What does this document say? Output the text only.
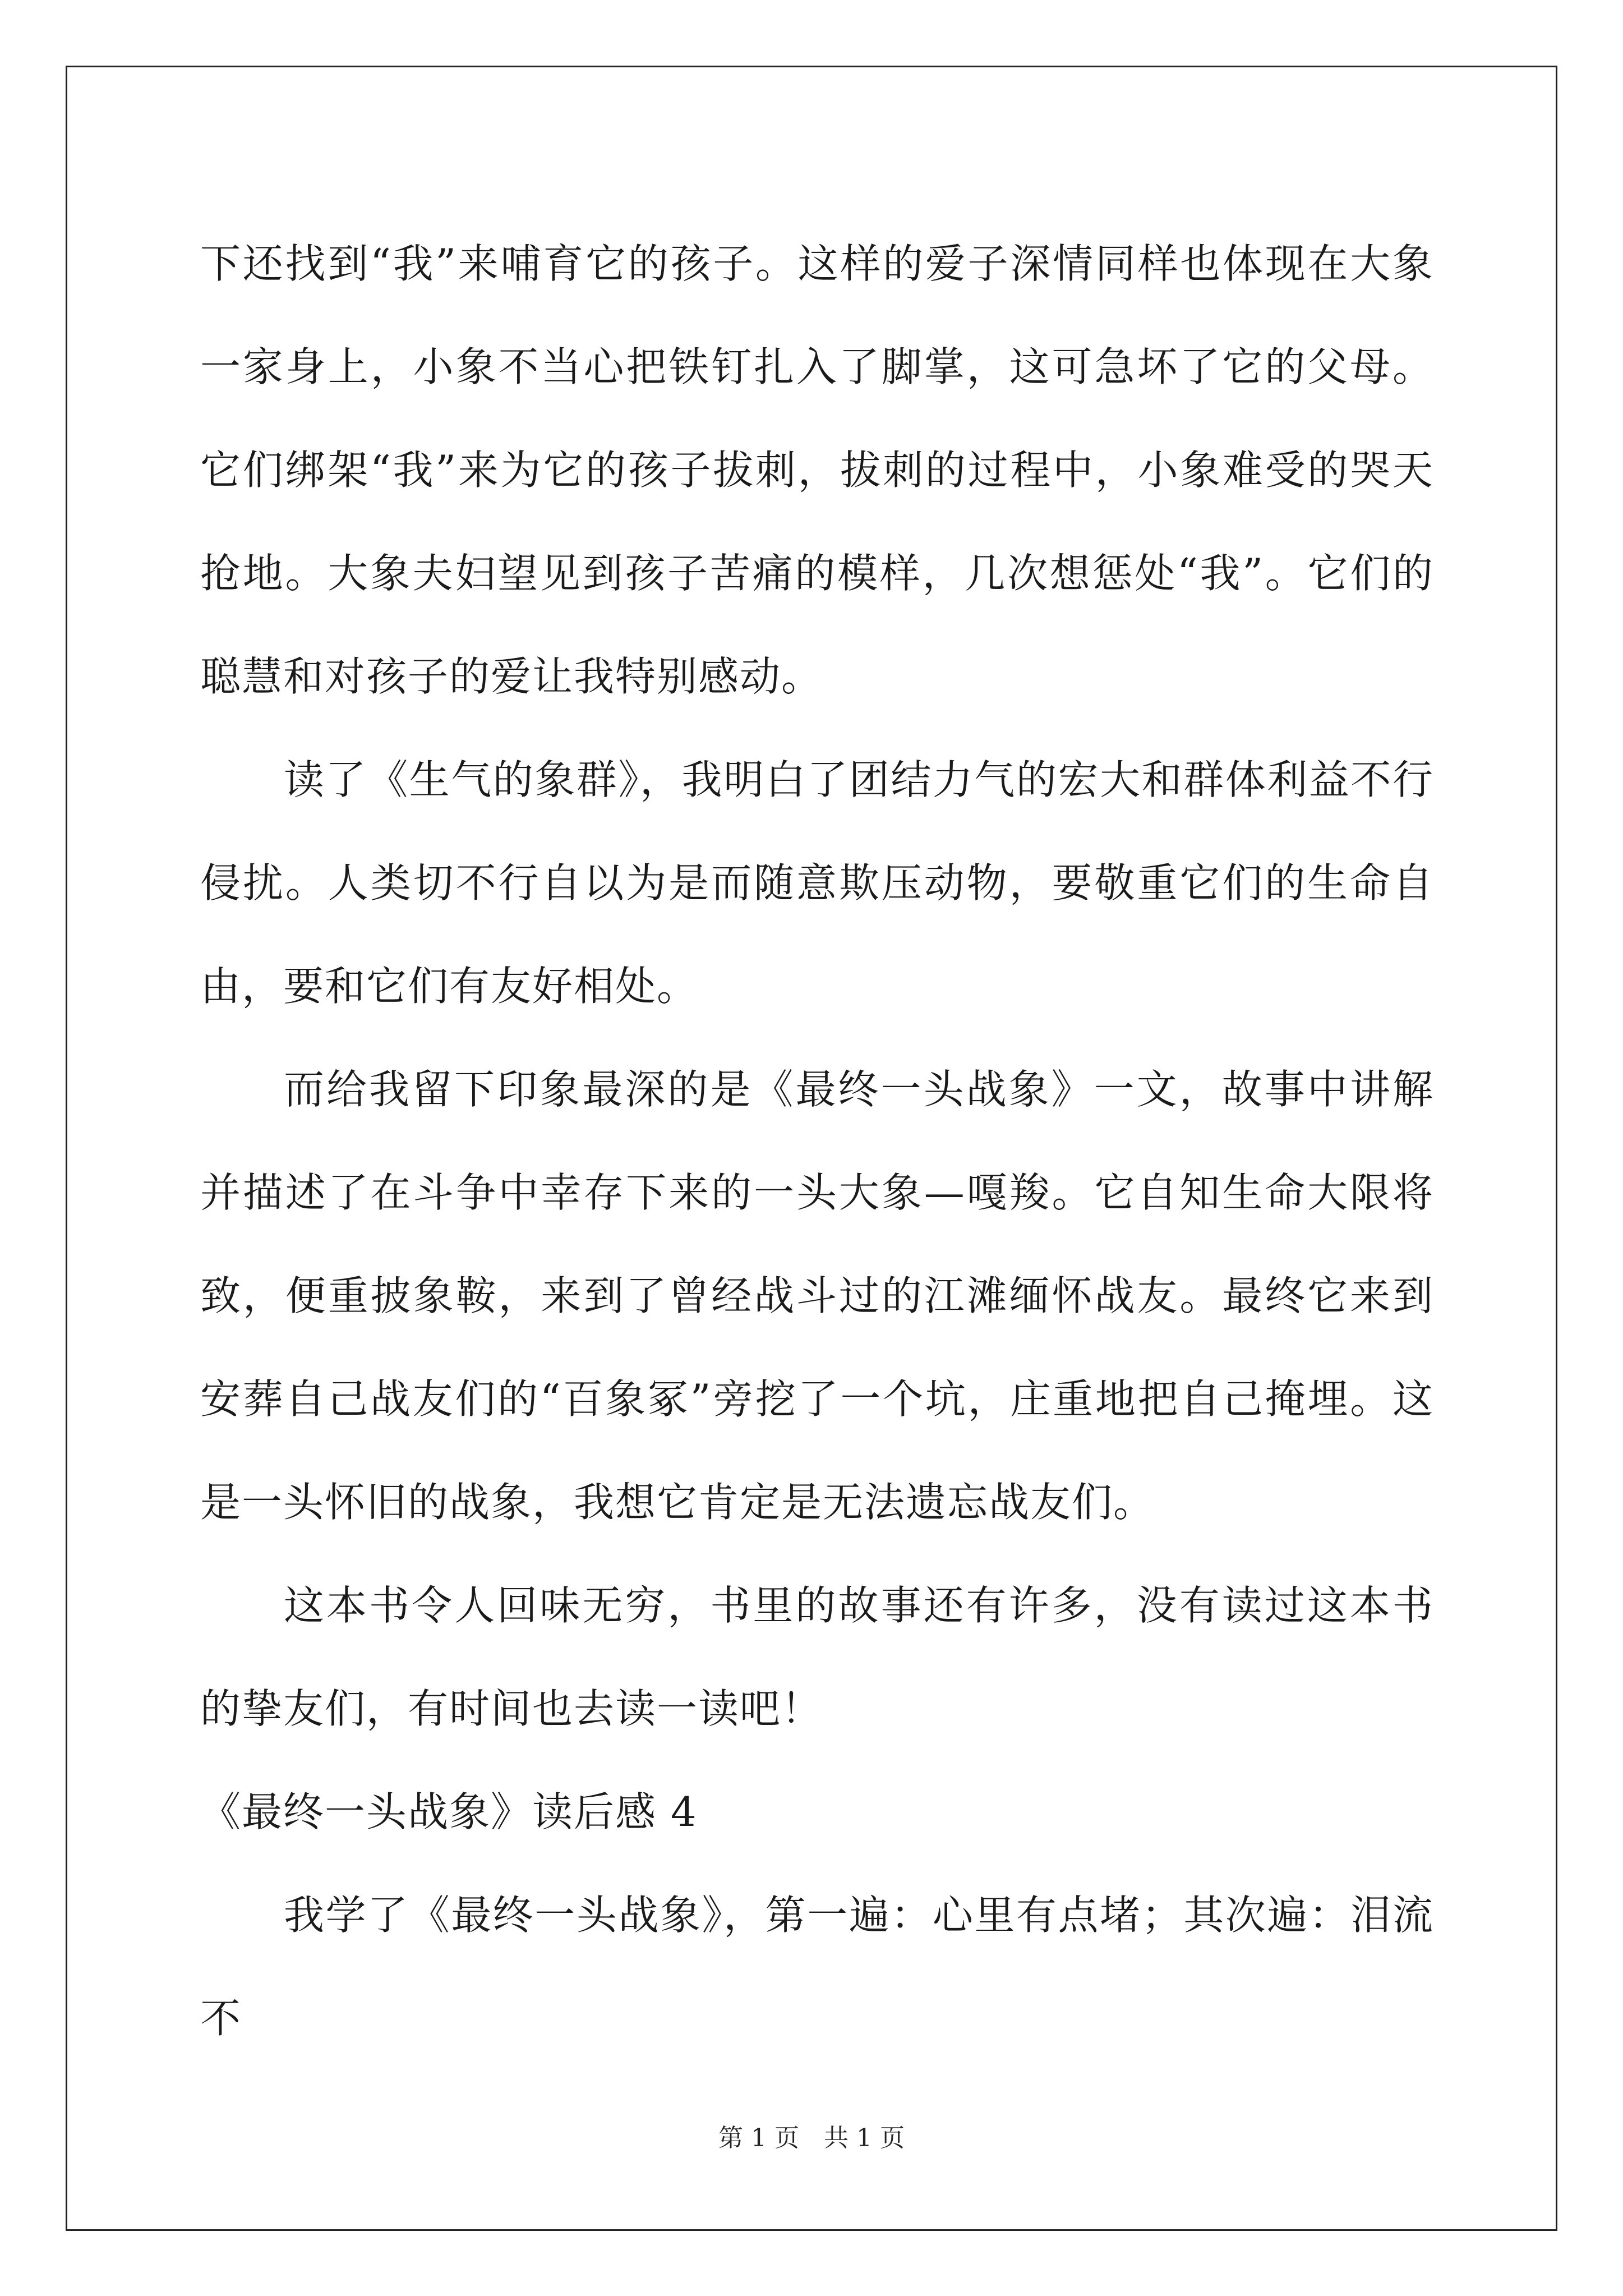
下还找到“我”来哺育它的孩子。这样的爱子深情同样也体现在大象一家身上，小象不当心把铁钉扎入了脚掌，这可急坏了它的父母。它们绑架“我”来为它的孩子拔刺，拔刺的过程中，小象难受的哭天抢地。大象夫妇望见到孩子苦痛的模样，几次想惩处“我”。它们的聪慧和对孩子的爱让我特别感动。

读了《生气的象群》，我明白了团结力气的宏大和群体利益不行侵扰。人类切不行自以为是而随意欺压动物，要敬重它们的生命自由，要和它们有友好相处。

而给我留下印象最深的是《最终一头战象》一文，故事中讲解并描述了在斗争中幸存下来的一头大象—嘎羧。它自知生命大限将致，便重披象鞍，来到了曾经战斗过的江滩缅怀战友。最终它来到安葬自己战友们的“百象冢”旁挖了一个坑，庄重地把自己掩埋。这是一头怀旧的战象，我想它肯定是无法遗忘战友们。

这本书令人回味无穷，书里的故事还有许多，没有读过这本书的挚友们，有时间也去读一读吧！

《最终一头战象》读后感 4

我学了《最终一头战象》，第一遍：心里有点堵；其次遍：泪流不

第 1 页　共 1 页
